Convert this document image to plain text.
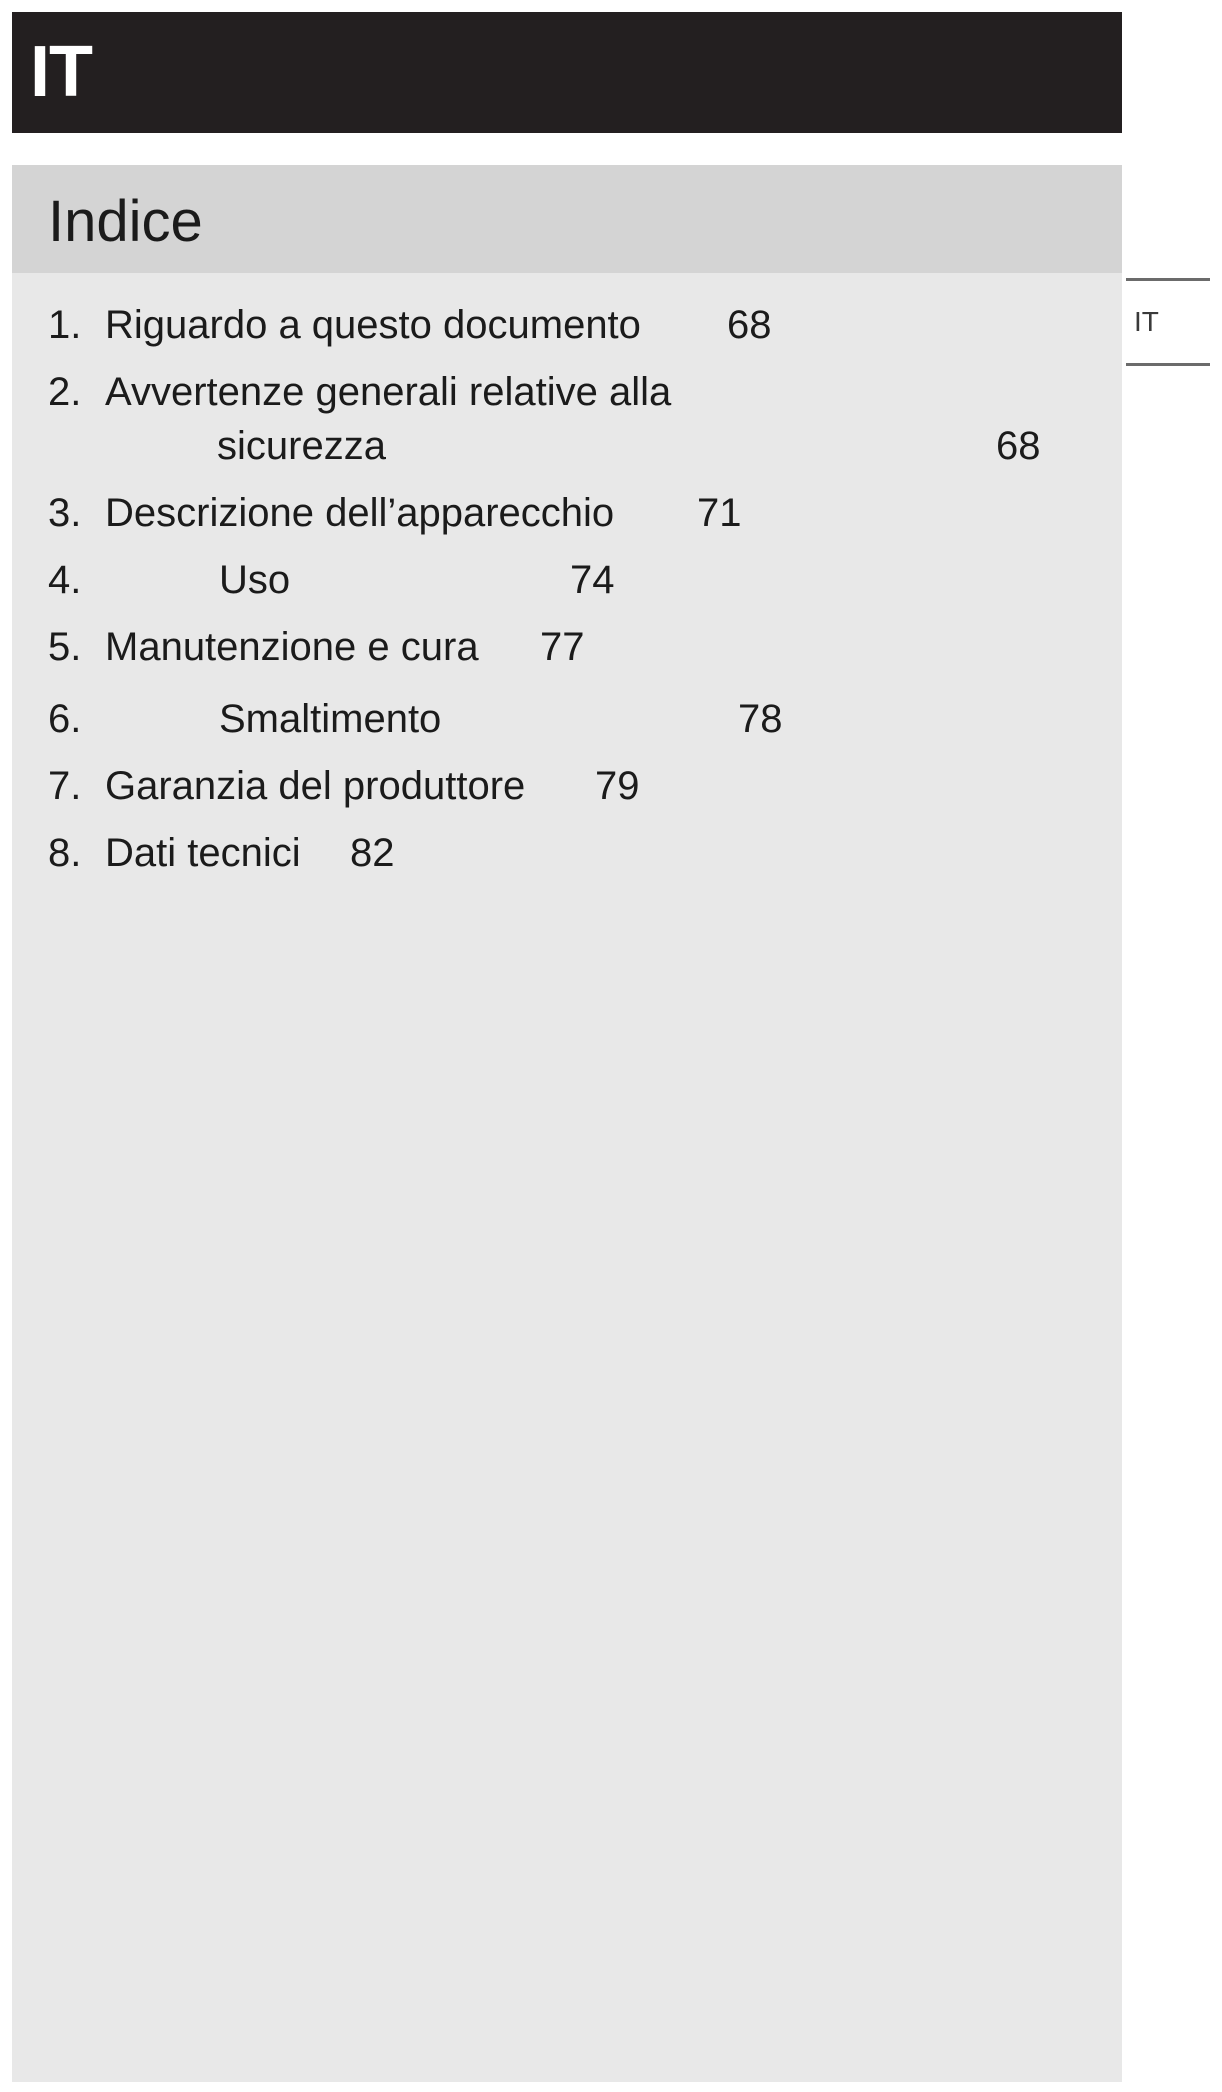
IT
Indice
1. Riguardo a questo documento 68
2. Avvertenze generali relative alla
sicurezza	68
3. Descrizione dell’apparecchio 71
4.	Uso	74
5. Manutenzione e cura 77
6.	Smaltimento	78
7. Garanzia del produttore 79
8. Dati tecnici 82
IT
